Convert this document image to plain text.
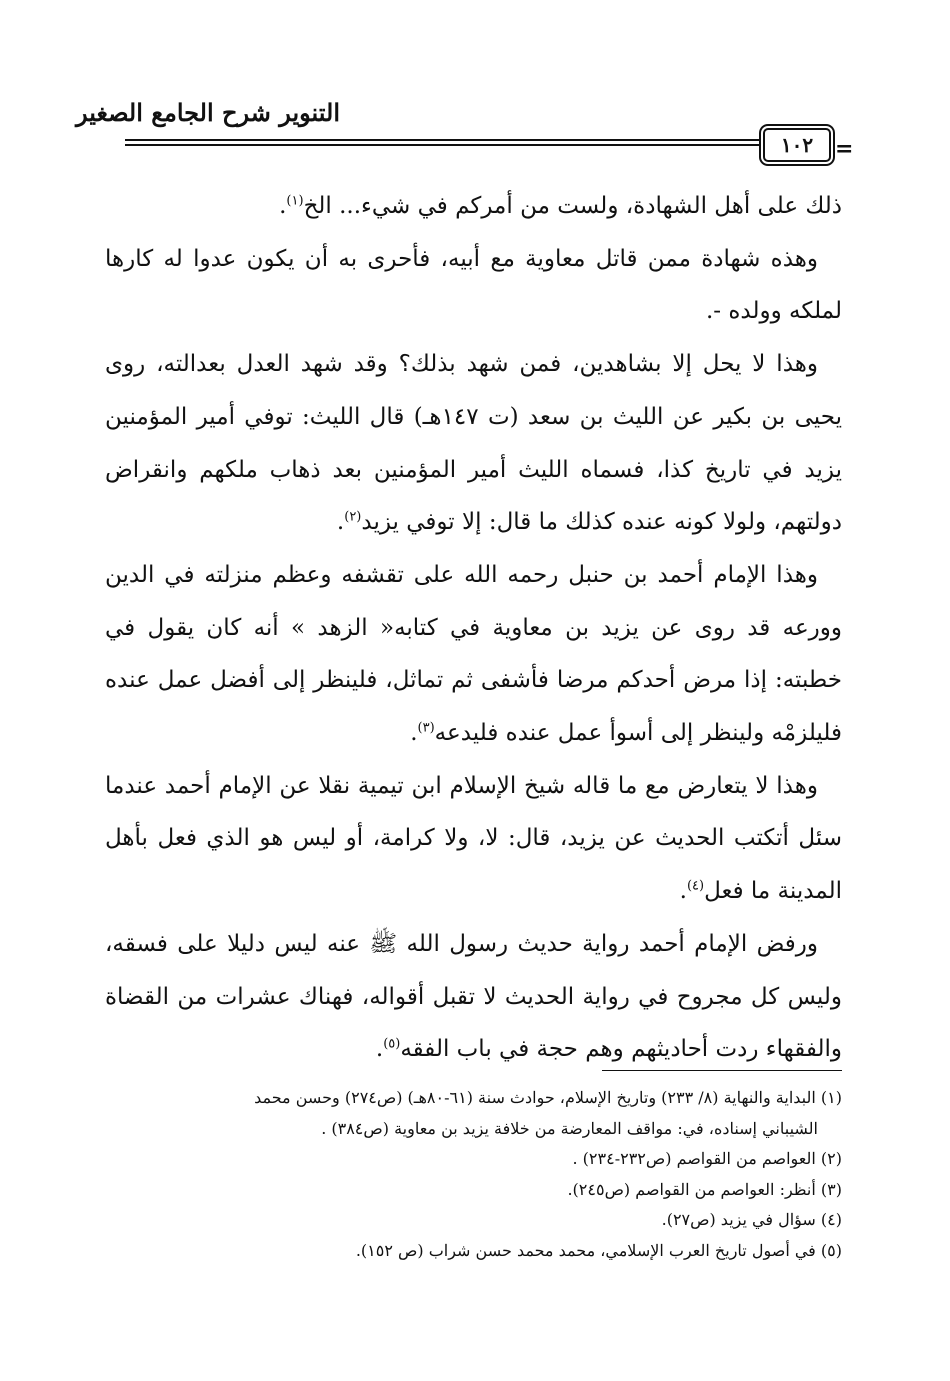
التنوير شرح الجامع الصغير
١٠٢ =

ذلك على أهل الشهادة، ولست من أمركم في شيء... الخ$^{(١)}$.

وهذه شهادة ممن قاتل معاوية مع أبيه، فأحرى به أن يكون عدوا له كارها لملكه وولده -.

وهذا لا يحل إلا بشاهدين، فمن شهد بذلك؟ وقد شهد العدل بعدالته، روى يحيى بن بكير عن الليث بن سعد (ت ١٤٧هـ) قال الليث: توفي أمير المؤمنين يزيد في تاريخ كذا، فسماه الليث أمير المؤمنين بعد ذهاب ملكهم وانقراض دولتهم، ولولا كونه عنده كذلك ما قال: إلا توفي يزيد$^{(٢)}$.

وهذا الإمام أحمد بن حنبل رحمه الله على تقشفه وعظم منزلته في الدين وورعه قد روى عن يزيد بن معاوية في كتابه« الزهد » أنه كان يقول في خطبته: إذا مرض أحدكم مرضا فأشفى ثم تماثل، فلينظر إلى أفضل عمل عنده فليلزمْه ولينظر إلى أسوأ عمل عنده فليدعه$^{(٣)}$.

وهذا لا يتعارض مع ما قاله شيخ الإسلام ابن تيمية نقلا عن الإمام أحمد عندما سئل أتكتب الحديث عن يزيد، قال: لا، ولا كرامة، أو ليس هو الذي فعل بأهل المدينة ما فعل$^{(٤)}$.

ورفض الإمام أحمد رواية حديث رسول الله ﷺ عنه ليس دليلا على فسقه، وليس كل مجروح في رواية الحديث لا تقبل أقواله، فهناك عشرات من القضاة والفقهاء ردت أحاديثهم وهم حجة في باب الفقه$^{(٥)}$.

(١) البداية والنهاية (٨/ ٢٣٣) وتاريخ الإسلام، حوادث سنة (٦١-٨٠هـ) (ص٢٧٤) وحسن محمد

الشيباني إسناده، في: مواقف المعارضة من خلافة يزيد بن معاوية (ص٣٨٤) .

(٢) العواصم من القواصم (ص٢٣٢-٢٣٤) .

(٣) أنظر: العواصم من القواصم (ص٢٤٥).

(٤) سؤال في يزيد (ص٢٧).

(٥) في أصول تاريخ العرب الإسلامي، محمد محمد حسن شراب (ص ١٥٢).
